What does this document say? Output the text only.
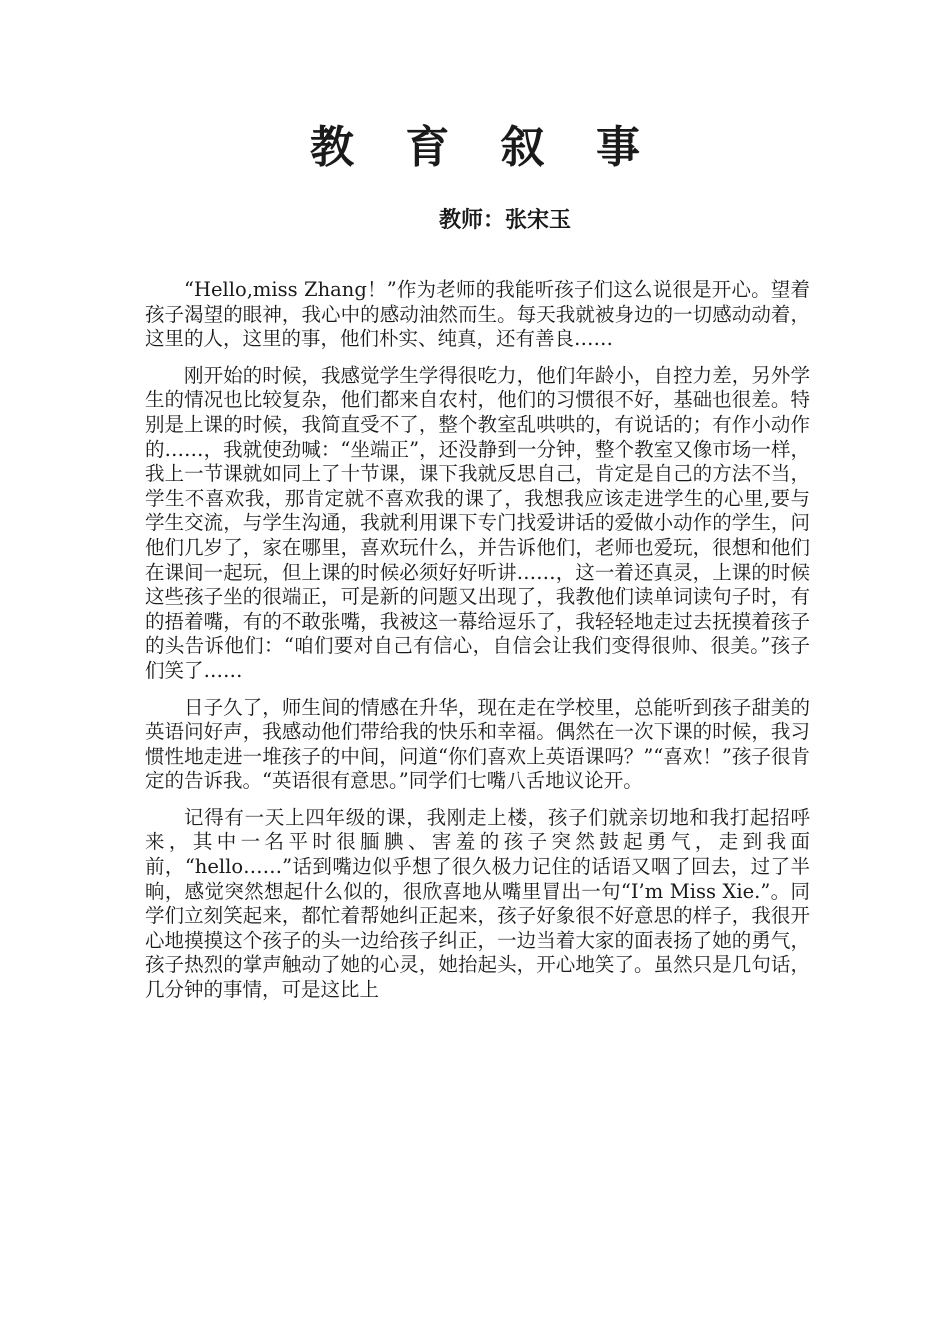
教 育 叙 事
教师：张宋玉

“Hello,miss Zhang！”作为老师的我能听孩子们这么说很是开心。望着孩子渴望的眼神，我心中的感动油然而生。每天我就被身边的一切感动动着，这里的人，这里的事，他们朴实、纯真，还有善良……

刚开始的时候，我感觉学生学得很吃力，他们年龄小，自控力差，另外学生的情况也比较复杂，他们都来自农村，他们的习惯很不好，基础也很差。特别是上课的时候，我简直受不了，整个教室乱哄哄的，有说话的；有作小动作的……，我就使劲喊：“坐端正”，还没静到一分钟，整个教室又像市场一样，我上一节课就如同上了十节课，课下我就反思自己，肯定是自己的方法不当，学生不喜欢我，那肯定就不喜欢我的课了，我想我应该走进学生的心里,要与学生交流，与学生沟通，我就利用课下专门找爱讲话的爱做小动作的学生，问他们几岁了，家在哪里，喜欢玩什么，并告诉他们，老师也爱玩，很想和他们在课间一起玩，但上课的时候必须好好听讲……，这一着还真灵，上课的时候这些孩子坐的很端正，可是新的问题又出现了，我教他们读单词读句子时，有的捂着嘴，有的不敢张嘴，我被这一幕给逗乐了，我轻轻地走过去抚摸着孩子的头告诉他们：“咱们要对自己有信心，自信会让我们变得很帅、很美。”孩子们笑了……

日子久了，师生间的情感在升华，现在走在学校里，总能听到孩子甜美的英语问好声，我感动他们带给我的快乐和幸福。偶然在一次下课的时候，我习惯性地走进一堆孩子的中间，问道“你们喜欢上英语课吗？”“喜欢！”孩子很肯定的告诉我。“英语很有意思。”同学们七嘴八舌地议论开。

记得有一天上四年级的课，我刚走上楼，孩子们就亲切地和我打起招呼来，其中一名平时很腼腆、害羞的孩子突然鼓起勇气，走到我面前，“hello……”话到嘴边似乎想了很久极力记住的话语又咽了回去，过了半晌，感觉突然想起什么似的，很欣喜地从嘴里冒出一句“I’m Miss Xie.”。同学们立刻笑起来，都忙着帮她纠正起来，孩子好象很不好意思的样子，我很开心地摸摸这个孩子的头一边给孩子纠正，一边当着大家的面表扬了她的勇气，孩子热烈的掌声触动了她的心灵，她抬起头，开心地笑了。虽然只是几句话，几分钟的事情，可是这比上
